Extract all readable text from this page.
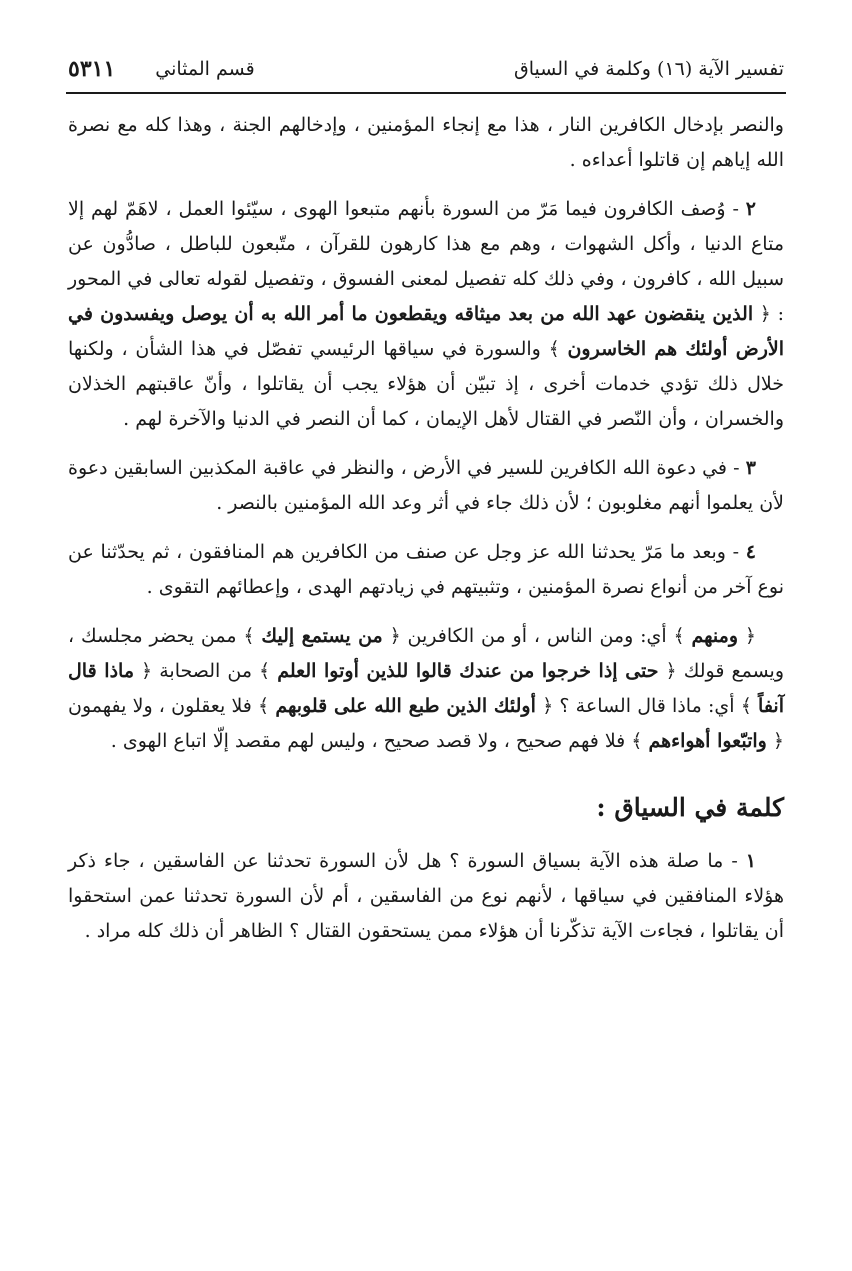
تفسير الآية (١٦) وكلمة في السياق
قسم المثاني
٥٣١١

والنصر بإدخال الكافرين النار ، هذا مع إنجاء المؤمنين ، وإدخالهم الجنة ، وهذا كله مع نصرة الله إياهم إن قاتلوا أعداءه .

٢ - وُصف الكافرون فيما مَرّ من السورة بأنهم متبعوا الهوى ، سيّئوا العمل ، لاهَمّ لهم إلا متاع الدنيا ، وأكل الشهوات ، وهم مع هذا كارهون للقرآن ، متّبعون للباطل ، صادُّون عن سبيل الله ، كافرون ، وفي ذلك كله تفصيل لمعنى الفسوق ، وتفصيل لقوله تعالى في المحور : ﴿ الذين ينقضون عهد الله من بعد ميثاقه ويقطعون ما أمر الله به أن يوصل ويفسدون في الأرض أولئك هم الخاسرون ﴾ والسورة في سياقها الرئيسي تفصّل في هذا الشأن ، ولكنها خلال ذلك تؤدي خدمات أخرى ، إذ تبيّن أن هؤلاء يجب أن يقاتلوا ، وأنّ عاقبتهم الخذلان والخسران ، وأن النّصر في القتال لأهل الإيمان ، كما أن النصر في الدنيا والآخرة لهم .

٣ - في دعوة الله الكافرين للسير في الأرض ، والنظر في عاقبة المكذبين السابقين دعوة لأن يعلموا أنهم مغلوبون ؛ لأن ذلك جاء في أثر وعد الله المؤمنين بالنصر .

٤ - وبعد ما مَرّ يحدثنا الله عز وجل عن صنف من الكافرين هم المنافقون ، ثم يحدّثنا عن نوع آخر من أنواع نصرة المؤمنين ، وتثبيتهم في زيادتهم الهدى ، وإعطائهم التقوى .

﴿ ومنهم ﴾ أي: ومن الناس ، أو من الكافرين ﴿ من يستمع إليك ﴾ ممن يحضر مجلسك ، ويسمع قولك ﴿ حتى إذا خرجوا من عندك قالوا للذين أوتوا العلم ﴾ من الصحابة ﴿ ماذا قال آنفاً ﴾ أي: ماذا قال الساعة ؟ ﴿ أولئك الذين طبع الله على قلوبهم ﴾ فلا يعقلون ، ولا يفهمون ﴿ واتبّعوا أهواءهم ﴾ فلا فهم صحيح ، ولا قصد صحيح ، وليس لهم مقصد إلّا اتباع الهوى .

كلمة في السياق :

١ - ما صلة هذه الآية بسياق السورة ؟ هل لأن السورة تحدثنا عن الفاسقين ، جاء ذكر هؤلاء المنافقين في سياقها ، لأنهم نوع من الفاسقين ، أم لأن السورة تحدثنا عمن استحقوا أن يقاتلوا ، فجاءت الآية تذكّرنا أن هؤلاء ممن يستحقون القتال ؟ الظاهر أن ذلك كله مراد .
